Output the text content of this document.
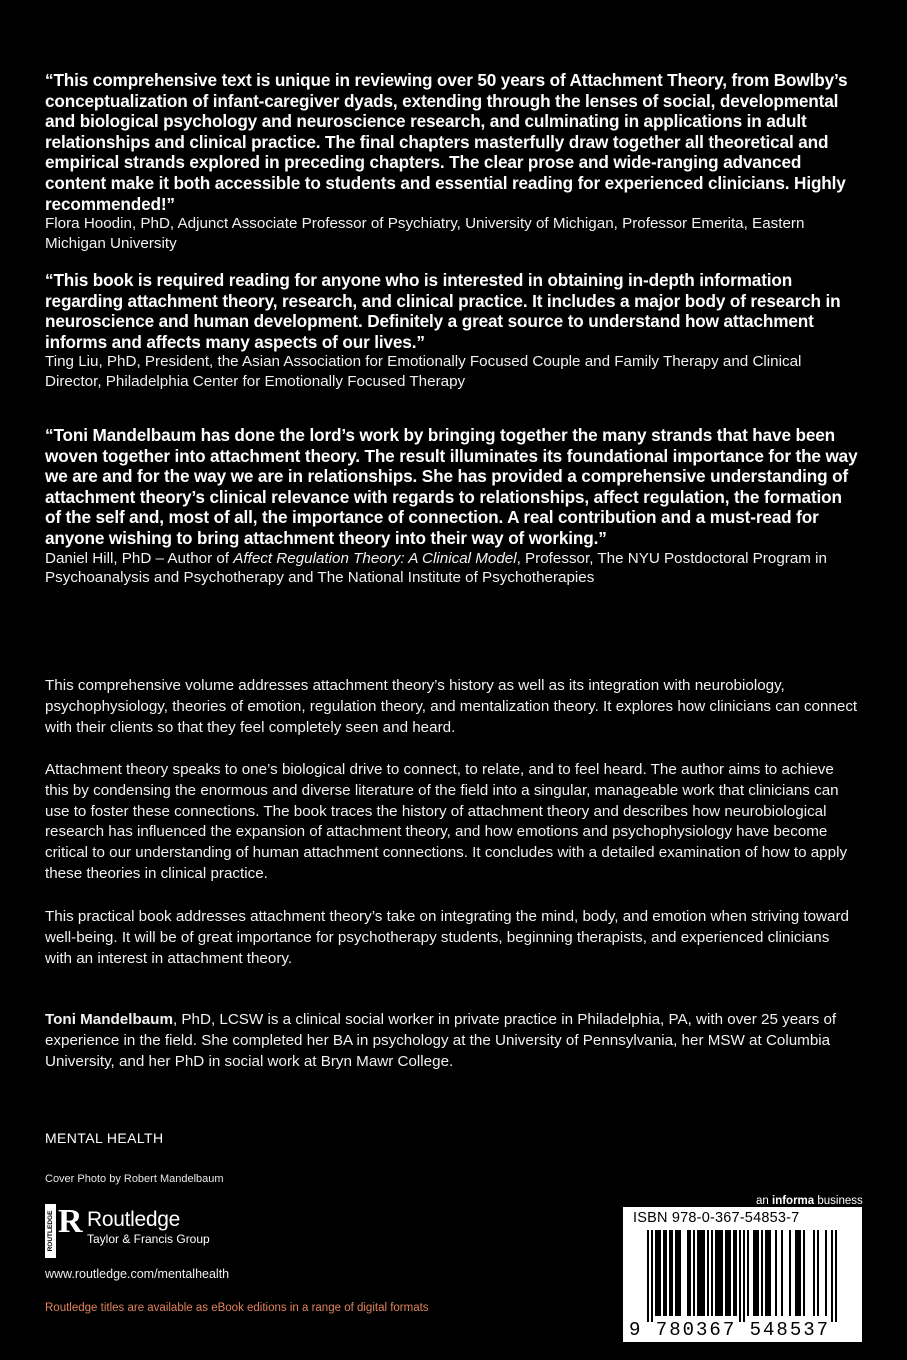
“This comprehensive text is unique in reviewing over 50 years of Attachment Theory, from Bowlby’s conceptualization of infant-caregiver dyads, extending through the lenses of social, developmental and biological psychology and neuroscience research, and culminating in applications in adult relationships and clinical practice. The final chapters masterfully draw together all theoretical and empirical strands explored in preceding chapters. The clear prose and wide-ranging advanced content make it both accessible to students and essential reading for experienced clinicians. Highly recommended!”

Flora Hoodin, PhD, Adjunct Associate Professor of Psychiatry, University of Michigan, Professor Emerita, Eastern Michigan University

“This book is required reading for anyone who is interested in obtaining in-depth information regarding attachment theory, research, and clinical practice. It includes a major body of research in neuroscience and human development. Definitely a great source to understand how attachment informs and affects many aspects of our lives.”

Ting Liu, PhD, President, the Asian Association for Emotionally Focused Couple and Family Therapy and Clinical Director, Philadelphia Center for Emotionally Focused Therapy

“Toni Mandelbaum has done the lord’s work by bringing together the many strands that have been woven together into attachment theory. The result illuminates its foundational importance for the way we are and for the way we are in relationships. She has provided a comprehensive understanding of attachment theory’s clinical relevance with regards to relationships, affect regulation, the formation of the self and, most of all, the importance of connection. A real contribution and a must-read for anyone wishing to bring attachment theory into their way of working.”

Daniel Hill, PhD – Author of Affect Regulation Theory: A Clinical Model, Professor, The NYU Postdoctoral Program in Psychoanalysis and Psychotherapy and The National Institute of Psychotherapies

This comprehensive volume addresses attachment theory’s history as well as its integration with neurobiology, psychophysiology, theories of emotion, regulation theory, and mentalization theory. It explores how clinicians can connect with their clients so that they feel completely seen and heard.

Attachment theory speaks to one’s biological drive to connect, to relate, and to feel heard. The author aims to achieve this by condensing the enormous and diverse literature of the field into a singular, manageable work that clinicians can use to foster these connections. The book traces the history of attachment theory and describes how neurobiological research has influenced the expansion of attachment theory, and how emotions and psychophysiology have become critical to our understanding of human attachment connections. It concludes with a detailed examination of how to apply these theories in clinical practice.

This practical book addresses attachment theory’s take on integrating the mind, body, and emotion when striving toward well-being. It will be of great importance for psychotherapy students, beginning therapists, and experienced clinicians with an interest in attachment theory.

Toni Mandelbaum, PhD, LCSW is a clinical social worker in private practice in Philadelphia, PA, with over 25 years of experience in the field. She completed her BA in psychology at the University of Pennsylvania, her MSW at Columbia University, and her PhD in social work at Bryn Mawr College.

MENTAL HEALTH
Cover Photo by Robert Mandelbaum
ROUTLEDGE R Routledge
Taylor & Francis Group
www.routledge.com/mentalhealth
Routledge titles are available as eBook editions in a range of digital formats
an informa business
ISBN 978-0-367-54853-7
9 780367 548537
